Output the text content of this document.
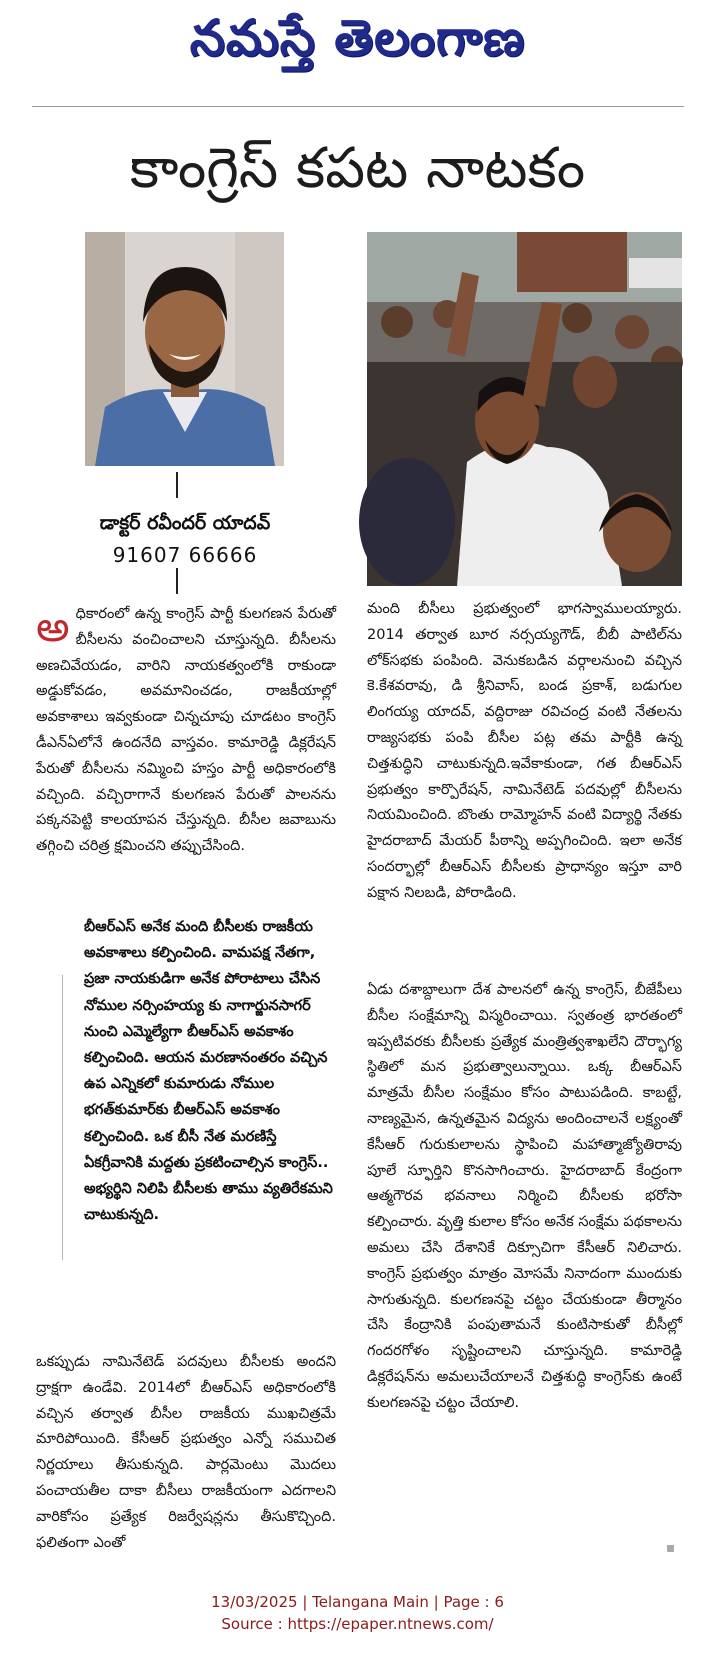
నమస్తే తెలంగాణ
కాంగ్రెస్ కపట నాటకం
డాక్టర్ రవీందర్ యాదవ్
91607 66666

అధికారంలో ఉన్న కాంగ్రెస్ పార్టీ కులగణన పేరుతో బీసీలను వంచించాలని చూస్తున్నది. బీసీలను అణచివేయడం, వారిని నాయకత్వంలోకి రాకుండా అడ్డుకోవడం, అవమానించడం, రాజకీయాల్లో అవకాశాలు ఇవ్వకుండా చిన్నచూపు చూడటం కాంగ్రెస్ డీఎన్ఏలోనే ఉందనేది వాస్తవం. కామారెడ్డి డిక్లరేషన్ పేరుతో బీసీలను నమ్మించి హస్తం పార్టీ అధికారంలోకి వచ్చింది. వచ్చిరాగానే కులగణన పేరుతో పాలనను పక్కనపెట్టి కాలయాపన చేస్తున్నది. బీసీల జవాబును తగ్గించి చరిత్ర క్షమించని తప్పుచేసింది.

బీఆర్ఎస్ అనేక మంది బీసీలకు రాజకీయ అవకాశాలు కల్పించింది. వామపక్ష నేతగా, ప్రజా నాయకుడిగా అనేక పోరాటాలు చేసిన నోముల నర్సింహయ్య కు నాగార్జునసాగర్ నుంచి ఎమ్మెల్యేగా బీఆర్ఎస్ అవకాశం కల్పించింది. ఆయన మరణానంతరం వచ్చిన ఉప ఎన్నికలో కుమారుడు నోముల భగత్‌కుమార్‌కు బీఆర్ఎస్ అవకాశం కల్పించింది. ఒక బీసీ నేత మరణిస్తే ఏకగ్రీవానికి మద్దతు ప్రకటించాల్సిన కాంగ్రెస్.. అభ్యర్థిని నిలిపి బీసీలకు తాము వ్యతిరేకమని చాటుకున్నది.

ఒకప్పుడు నామినేటెడ్ పదవులు బీసీలకు అందని ద్రాక్షగా ఉండేవి. 2014లో బీఆర్ఎస్ అధికారంలోకి వచ్చిన తర్వాత బీసీల రాజకీయ ముఖచిత్రమే మారిపోయింది. కేసీఆర్ ప్రభుత్వం ఎన్నో సముచిత నిర్ణయాలు తీసుకున్నది. పార్లమెంటు మొదలు పంచాయతీల దాకా బీసీలు రాజకీయంగా ఎదగాలని వారికోసం ప్రత్యేక రిజర్వేషన్లను తీసుకొచ్చింది. ఫలితంగా ఎంతో

మంది బీసీలు ప్రభుత్వంలో భాగస్వాములయ్యారు. 2014 తర్వాత బూర నర్సయ్యగౌడ్, బీబీ పాటిల్‌ను లోక్‌సభకు పంపింది. వెనుకబడిన వర్గాలనుంచి వచ్చిన కె.కేశవరావు, డి శ్రీనివాస్, బండ ప్రకాశ్, బడుగుల లింగయ్య యాదవ్, వద్దిరాజు రవిచంద్ర వంటి నేతలను రాజ్యసభకు పంపి బీసీల పట్ల తమ పార్టీకి ఉన్న చిత్తశుద్ధిని చాటుకున్నది.ఇవేకాకుండా, గత బీఆర్ఎస్ ప్రభుత్వం కార్పొరేషన్, నామినేటెడ్ పదవుల్లో బీసీలను నియమించింది. బొంతు రామ్మోహన్ వంటి విద్యార్థి నేతకు హైదరాబాద్ మేయర్ పీఠాన్ని అప్పగించింది. ఇలా అనేక సందర్భాల్లో బీఆర్ఎస్ బీసీలకు ప్రాధాన్యం ఇస్తూ వారి పక్షాన నిలబడి, పోరాడింది.

ఏడు దశాబ్దాలుగా దేశ పాలనలో ఉన్న కాంగ్రెస్, బీజేపీలు బీసీల సంక్షేమాన్ని విస్మరించాయి. స్వతంత్ర భారతంలో ఇప్పటివరకు బీసీలకు ప్రత్యేక మంత్రిత్వశాఖలేని దౌర్భాగ్య స్థితిలో మన ప్రభుత్వాలున్నాయి. ఒక్క బీఆర్ఎస్ మాత్రమే బీసీల సంక్షేమం కోసం పాటుపడింది. కాబట్టే, నాణ్యమైన, ఉన్నతమైన విద్యను అందించాలనే లక్ష్యంతో కేసీఆర్ గురుకులాలను స్థాపించి మహాత్మాజ్యోతిరావు పూలే స్ఫూర్తిని కొనసాగించారు. హైదరాబాద్ కేంద్రంగా ఆత్మగౌరవ భవనాలు నిర్మించి బీసీలకు భరోసా కల్పించారు. వృత్తి కులాల కోసం అనేక సంక్షేమ పథకాలను అమలు చేసి దేశానికే దిక్సూచిగా కేసీఆర్ నిలిచారు. కాంగ్రెస్ ప్రభుత్వం మాత్రం మోసమే నినాదంగా ముందుకు సాగుతున్నది. కులగణనపై చట్టం చేయకుండా తీర్మానం చేసి కేంద్రానికి పంపుతామనే కుంటిసాకుతో బీసీల్లో గందరగోళం సృష్టించాలని చూస్తున్నది. కామారెడ్డి డిక్లరేషన్‌ను అమలుచేయాలనే చిత్తశుద్ధి కాంగ్రెస్‌కు ఉంటే కులగణనపై చట్టం చేయాలి.

13/03/2025 | Telangana Main | Page : 6
Source : https://epaper.ntnews.com/
